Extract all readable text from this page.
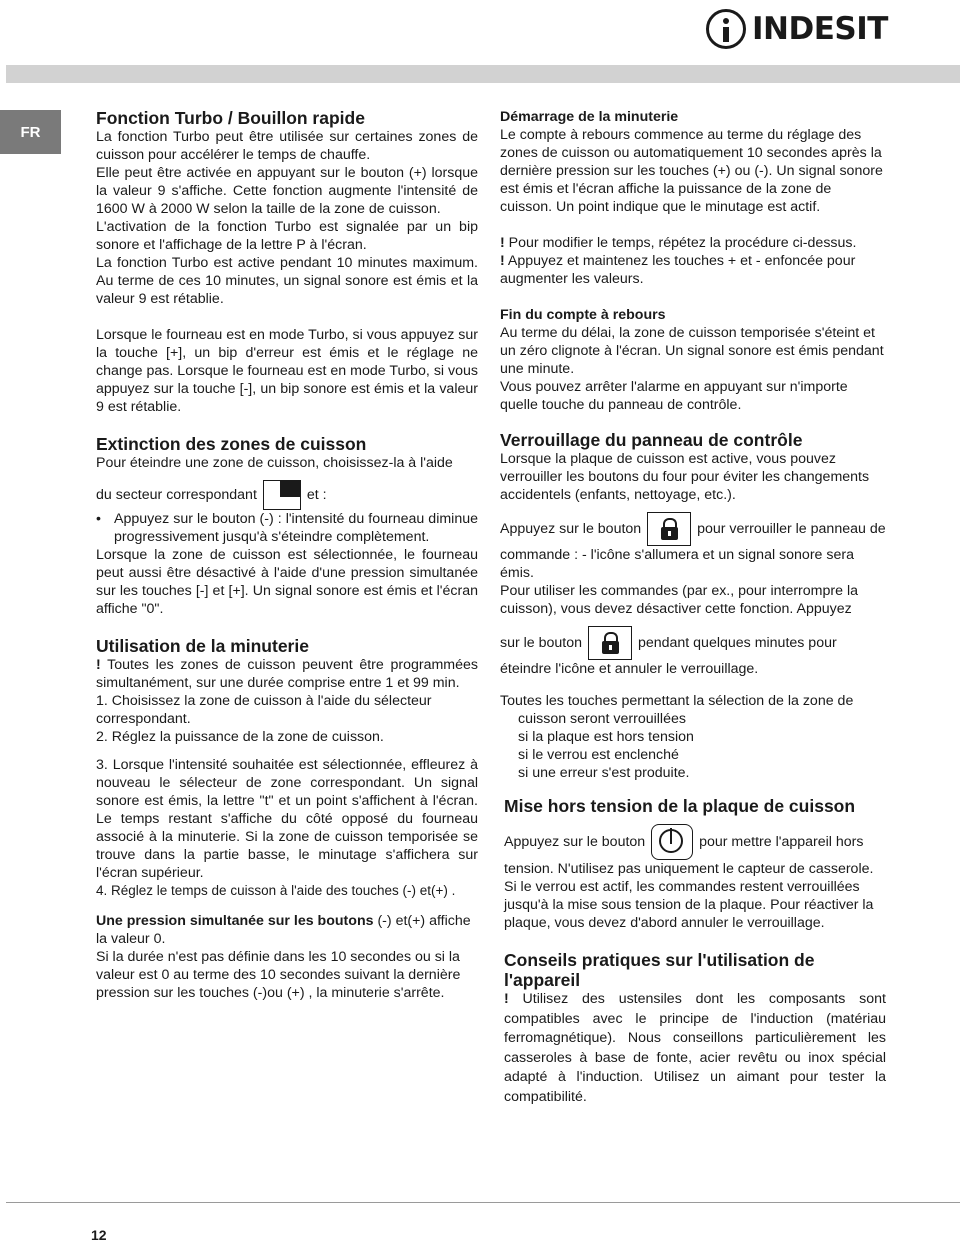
INDESIT
FR
Fonction Turbo / Bouillon rapide

La fonction Turbo peut être utilisée sur certaines zones de cuisson pour accélérer le temps de chauffe.

Elle peut être activée en appuyant sur le bouton (+) lorsque la valeur 9 s'affiche. Cette fonction augmente l'intensité de 1600 W à 2000 W selon la taille de la zone de cuisson.

L'activation de la fonction Turbo est signalée par un bip sonore et l'affichage de la lettre P à l'écran.

La fonction Turbo est active pendant 10 minutes maximum. Au terme de ces 10 minutes, un signal sonore est émis et la valeur 9 est rétablie.

Lorsque le fourneau est en mode Turbo, si vous appuyez sur la touche [+], un bip d'erreur est émis et le réglage ne change pas. Lorsque le fourneau est en mode Turbo, si vous appuyez sur la touche [-], un bip sonore est émis et la valeur 9 est rétablie.

Extinction des zones de cuisson

Pour éteindre une zone de cuisson, choisissez-la à l'aide

du secteur correspondant	et :

• Appuyez sur le bouton (-) : l'intensité du fourneau diminue progressivement jusqu'à s'éteindre complètement.

Lorsque la zone de cuisson est sélectionnée, le fourneau peut aussi être désactivé à l'aide d'une pression simultanée sur les touches [-] et [+]. Un signal sonore est émis et l'écran affiche "0".

Utilisation de la minuterie

! Toutes les zones de cuisson peuvent être programmées simultanément, sur une durée comprise entre 1 et 99 min.

1. Choisissez la zone de cuisson à l'aide du sélecteur correspondant.

2. Réglez la puissance de la zone de cuisson.

3. Lorsque l'intensité souhaitée est sélectionnée, effleurez à nouveau le sélecteur de zone correspondant. Un signal sonore est émis, la lettre "t" et un point s'affichent à l'écran. Le temps restant s'affiche du côté opposé du fourneau associé à la minuterie. Si la zone de cuisson temporisée se trouve dans la partie basse, le minutage s'affichera sur l'écran supérieur.

4. Réglez le temps de cuisson à l'aide des touches (-) et(+) .

Une pression simultanée sur les boutons (-) et(+) affiche la valeur 0.

Si la durée n'est pas définie dans les 10 secondes ou si la valeur est 0 au terme des 10 secondes suivant la dernière pression sur les touches (-)ou (+) , la minuterie s'arrête.

Démarrage de la minuterie

Le compte à rebours commence au terme du réglage des zones de cuisson ou automatiquement 10 secondes après la dernière pression sur les touches (+) ou (-). Un signal sonore est émis et l'écran affiche la puissance de la zone de cuisson. Un point indique que le minutage est actif.

! Pour modifier le temps, répétez la procédure ci-dessus.

! Appuyez et maintenez les touches + et - enfoncée pour augmenter les valeurs.

Fin du compte à rebours

Au terme du délai, la zone de cuisson temporisée s'éteint et un zéro clignote à l'écran. Un signal sonore est émis pendant une minute.

Vous pouvez arrêter l'alarme en appuyant sur n'importe quelle touche du panneau de contrôle.

Verrouillage du panneau de contrôle

Lorsque la plaque de cuisson est active, vous pouvez verrouiller les boutons du four pour éviter les changements accidentels (enfants, nettoyage, etc.).

Appuyez sur le bouton	pour verrouiller le panneau de commande : - l'icône s'allumera et un signal sonore sera émis.

Pour utiliser les commandes (par ex., pour interrompre la cuisson), vous devez désactiver cette fonction. Appuyez

sur le bouton	pendant quelques minutes pour éteindre l'icône et annuler le verrouillage.

Toutes les touches permettant la sélection de la zone de

cuisson seront verrouillées
si la plaque est hors tension
si le verrou est enclenché
si une erreur s'est produite.
Mise hors tension de la plaque de cuisson

Appuyez sur le bouton	pour mettre l'appareil hors tension. N'utilisez pas uniquement le capteur de casserole.

Si le verrou est actif, les commandes restent verrouillées jusqu'à la mise sous tension de la plaque. Pour réactiver la plaque, vous devez d'abord annuler le verrouillage.

Conseils pratiques sur l'utilisation de l'appareil

! Utilisez des ustensiles dont les composants sont compatibles avec le principe de l'induction (matériau ferromagnétique). Nous conseillons particulièrement les casseroles à base de fonte, acier revêtu ou inox spécial adapté à l'induction. Utilisez un aimant pour tester la compatibilité.

12
